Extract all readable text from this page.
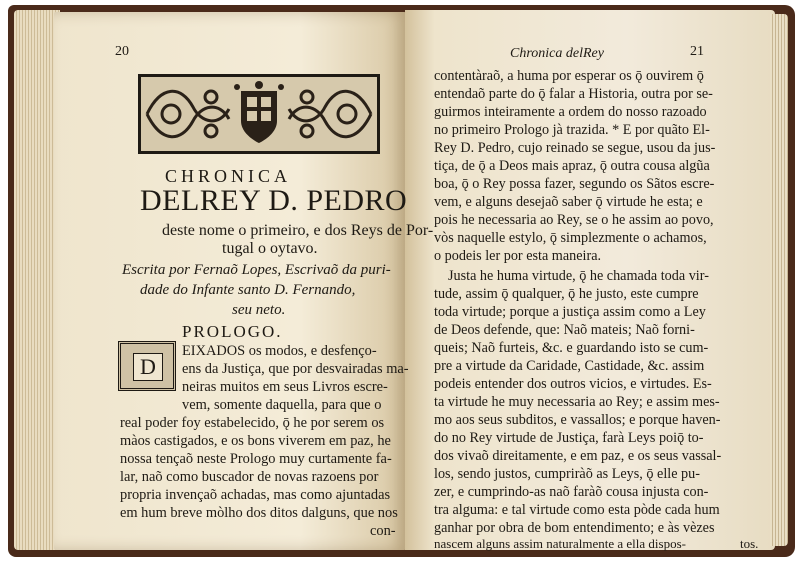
20
CHRONICA
DELREY D. PEDRO
deste nome o primeiro, e dos Reys de Por-
tugal o oytavo.
Escrita por Fernaõ Lopes, Escrivaõ da puri-
dade do Infante santo D. Fernando,
seu neto.
PROLOGO.
D
EIXADOS os modos, e desfenço-
ens da Justiça, que por desvairadas ma-
neiras muitos em seus Livros escre-
vem, somente daquella, para que o
real poder foy estabelecido, ǭ he por serem os
màos castigados, e os bons viverem em paz, he
nossa tençaõ neste Prologo muy curtamente fa-
lar, naõ como buscador de novas razoens por
propria invençaõ achadas, mas como ajuntadas
em hum breve mòlho dos ditos dalguns, que nos
con-
Chronica delRey	21
contentàraõ, a huma por esperar os ǭ ouvirem ǭ
entendaõ parte do ǭ falar a Historia, outra por se-
guirmos inteiramente a ordem do nosso razoado
no primeiro Prologo jà trazida. * E por quãto El-
Rey D. Pedro, cujo reinado se segue, usou da jus-
tiça, de ǭ a Deos mais apraz, ǭ outra cousa algũa
boa, ǭ o Rey possa fazer, segundo os Sãtos escre-
vem, e alguns desejaõ saber ǭ virtude he esta; e
pois he necessaria ao Rey, se o he assim ao povo,
vòs naquelle estylo, ǭ simplezmente o achamos,
o podeis ler por esta maneira.
Justa he huma virtude, ǭ he chamada toda vir-
tude, assim ǭ qualquer, ǭ he justo, este cumpre
toda virtude; porque a justiça assim como a Ley
de Deos defende, que: Naõ mateis; Naõ forni-
queis; Naõ furteis, &c. e guardando isto se cum-
pre a virtude da Caridade, Castidade, &c. assim
podeis entender dos outros vicios, e virtudes. Es-
ta virtude he muy necessaria ao Rey; e assim mes-
mo aos seus subditos, e vassallos; e porque haven-
do no Rey virtude de Justiça, farà Leys poiǭ to-
dos vivaõ direitamente, e em paz, e os seus vassal-
los, sendo justos, cumpriràõ as Leys, ǭ elle pu-
zer, e cumprindo-as naõ faràõ cousa injusta con-
tra alguma: e tal virtude como esta pòde cada hum
ganhar por obra de bom entendimento; e às vèzes
nascem alguns assim naturalmente a ella dispos-	tos.
